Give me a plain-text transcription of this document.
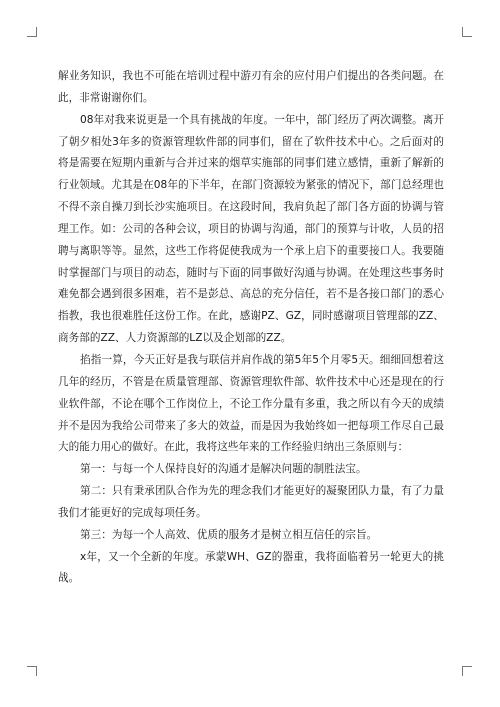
解业务知识，我也不可能在培训过程中游刃有余的应付用户们提出的各类问题。在此，非常谢谢你们。

08年对我来说更是一个具有挑战的年度。一年中，部门经历了两次调整。离开了朝夕相处3年多的资源管理软件部的同事们，留在了软件技术中心。之后面对的将是需要在短期内重新与合并过来的烟草实施部的同事们建立感情，重新了解新的行业领域。尤其是在08年的下半年，在部门资源较为紧张的情况下，部门总经理也不得不亲自操刀到长沙实施项目。在这段时间，我肩负起了部门各方面的协调与管理工作。如：公司的各种会议，项目的协调与沟通，部门的预算与计收，人员的招聘与离职等等。显然，这些工作将促使我成为一个承上启下的重要接口人。我要随时掌握部门与项目的动态，随时与下面的同事做好沟通与协调。在处理这些事务时难免都会遇到很多困难，若不是彭总、高总的充分信任，若不是各接口部门的悉心指教，我也很难胜任这份工作。在此，感谢PZ、GZ，同时感谢项目管理部的ZZ、商务部的ZZ、人力资源部的LZ以及企划部的ZZ。

掐指一算，今天正好是我与联信并肩作战的第5年5个月零5天。细细回想着这几年的经历，不管是在质量管理部、资源管理软件部、软件技术中心还是现在的行业软件部，不论在哪个工作岗位上，不论工作分量有多重，我之所以有今天的成绩并不是因为我给公司带来了多大的效益，而是因为我始终如一把每项工作尽自己最大的能力用心的做好。在此，我将这些年来的工作经验归纳出三条原则与：

第一：与每一个人保持良好的沟通才是解决问题的制胜法宝。

第二：只有秉承团队合作为先的理念我们才能更好的凝聚团队力量，有了力量我们才能更好的完成每项任务。

第三：为每一个人高效、优质的服务才是树立相互信任的宗旨。

x年，又一个全新的年度。承蒙WH、GZ的器重，我将面临着另一轮更大的挑战。
